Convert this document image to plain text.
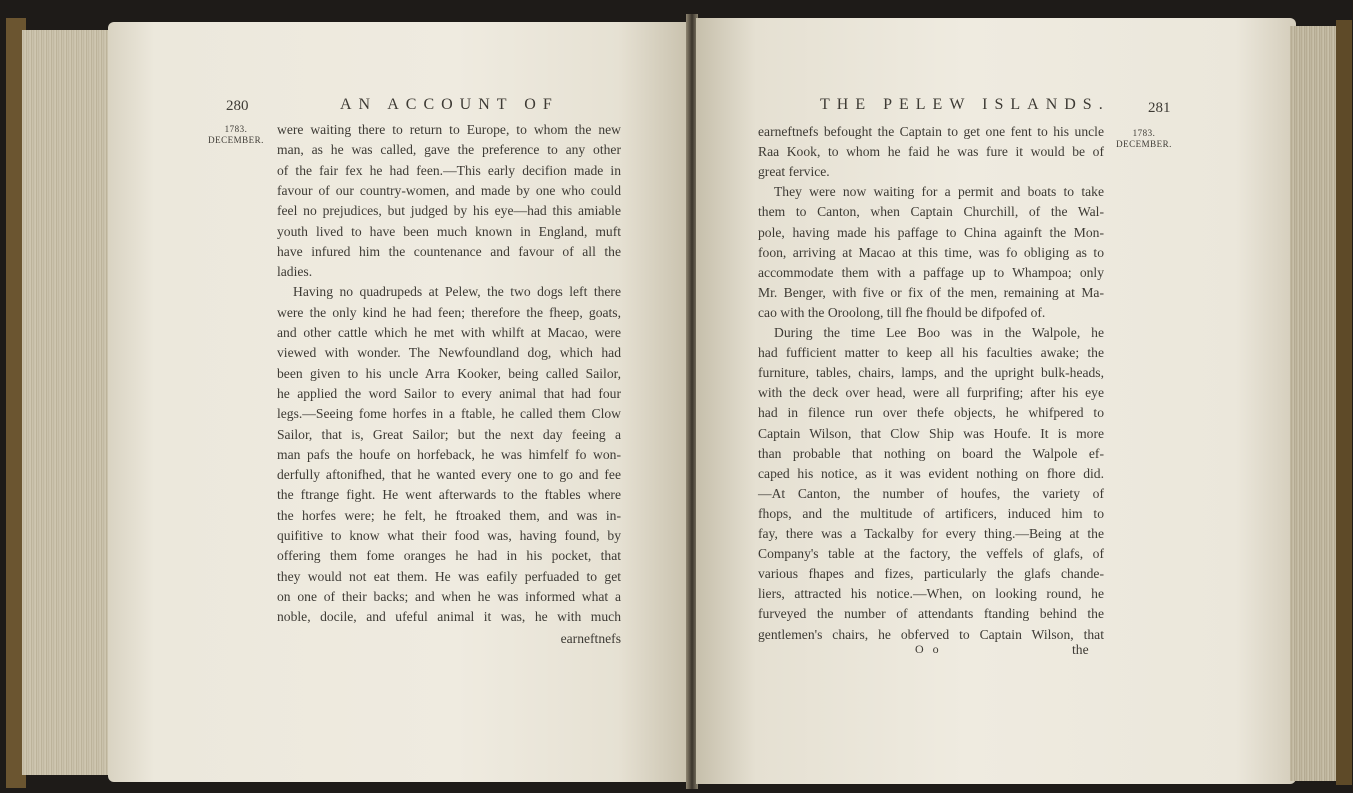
280	AN ACCOUNT OF
1783.
DECEMBER.
were waiting there to return to Europe, to whom the new
man, as he was called, gave the preference to any other
of the fair fex he had feen.—This early decifion made in
favour of our country-women, and made by one who could
feel no prejudices, but judged by his eye—had this amiable
youth lived to have been much known in England, muft
have infured him the countenance and favour of all the
ladies.
Having no quadrupeds at Pelew, the two dogs left there
were the only kind he had feen; therefore the fheep, goats,
and other cattle which he met with whilft at Macao, were
viewed with wonder. The Newfoundland dog, which had
been given to his uncle Arra Kooker, being called Sailor,
he applied the word Sailor to every animal that had four
legs.—Seeing fome horfes in a ftable, he called them Clow
Sailor, that is, Great Sailor; but the next day feeing a
man pafs the houfe on horfeback, he was himfelf fo won-
derfully aftonifhed, that he wanted every one to go and fee
the ftrange fight. He went afterwards to the ftables where
the horfes were; he felt, he ftroaked them, and was in-
quifitive to know what their food was, having found, by
offering them fome oranges he had in his pocket, that
they would not eat them. He was eafily perfuaded to get
on one of their backs; and when he was informed what a
noble, docile, and ufeful animal it was, he with much
earneftnefs
THE PELEW ISLANDS.	281
1783.
DECEMBER.
earneftnefs befought the Captain to get one fent to his uncle
Raa Kook, to whom he faid he was fure it would be of
great fervice.
They were now waiting for a permit and boats to take
them to Canton, when Captain Churchill, of the Wal-
pole, having made his paffage to China againft the Mon-
foon, arriving at Macao at this time, was fo obliging as to
accommodate them with a paffage up to Whampoa; only
Mr. Benger, with five or fix of the men, remaining at Ma-
cao with the Oroolong, till fhe fhould be difpofed of.
During the time Lee Boo was in the Walpole, he
had fufficient matter to keep all his faculties awake; the
furniture, tables, chairs, lamps, and the upright bulk-heads,
with the deck over head, were all furprifing; after his eye
had in filence run over thefe objects, he whifpered to
Captain Wilson, that Clow Ship was Houfe. It is more
than probable that nothing on board the Walpole ef-
caped his notice, as it was evident nothing on fhore did.
—At Canton, the number of houfes, the variety of
fhops, and the multitude of artificers, induced him to
fay, there was a Tackalby for every thing.—Being at the
Company's table at the factory, the veffels of glafs, of
various fhapes and fizes, particularly the glafs chande-
liers, attracted his notice.—When, on looking round, he
furveyed the number of attendants ftanding behind the
gentlemen's chairs, he obferved to Captain Wilson, that
O o	the
